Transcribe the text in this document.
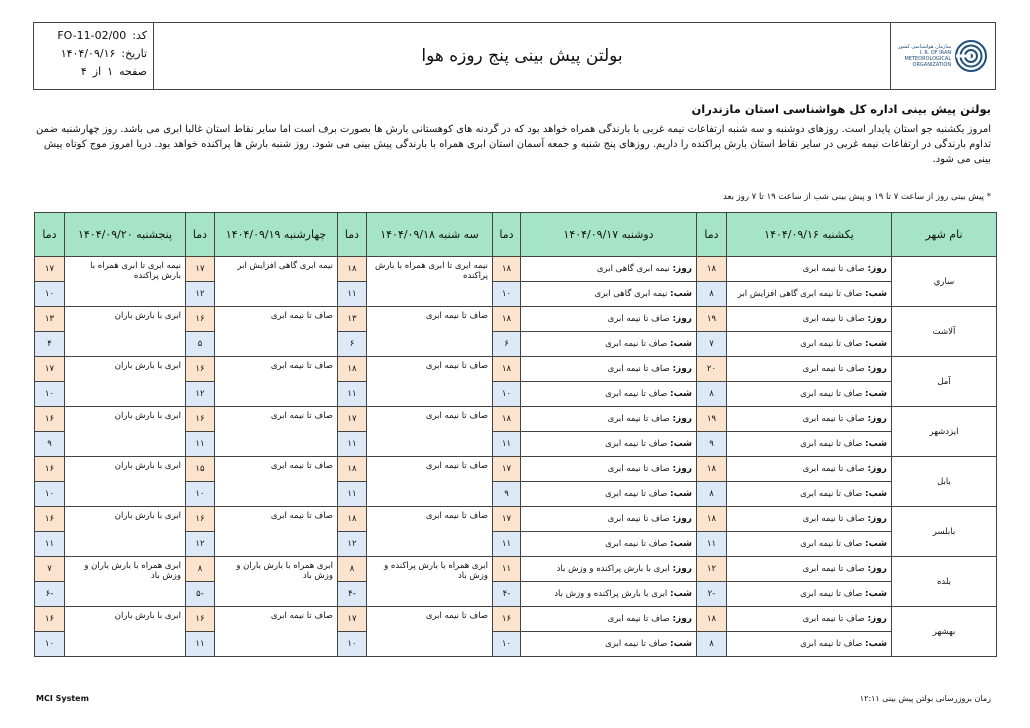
کد:
FO-11-02/00
تاریخ:
۱۴۰۴/۰۹/۱۶
صفحه
۱
از
۴
بولتن پیش بینی پنج روزه هوا	سازمان هواشناسی کشور
I. R. OF IRAN
METEOROLOGICAL
ORGANIZATION
بولتن پیش بینی اداره کل هواشناسی استان مازندران
امروز یکشنبه جو استان پایدار است. روزهای دوشنبه و سه شنبه ارتفاعات نیمه غربی با بارندگی همراه خواهد بود که در گردنه های کوهستانی بارش ها بصورت برف است اما سایر نقاط استان غالبا ابری می باشد. روز چهارشنبه ضمن تداوم بارندگی در ارتفاعات نیمه غربی در سایر نقاط استان بارش پراکنده را داریم. روزهای پنج شنبه و جمعه آسمان استان ابری همراه با بارندگی پیش بینی می شود. روز شنبه بارش ها پراکنده خواهد بود. دریا امروز موج کوتاه پیش بینی می شود.
* پیش بینی روز از ساعت ۷ تا ۱۹ و پیش بینی شب از ساعت ۱۹ تا ۷ روز بعد
نام شهر	یکشنبه ۱۴۰۴/۰۹/۱۶	دما	دوشنبه ۱۴۰۴/۰۹/۱۷	دما	سه شنبه ۱۴۰۴/۰۹/۱۸	دما	چهارشنبه ۱۴۰۴/۰۹/۱۹	دما	پنجشنبه ۱۴۰۴/۰۹/۲۰	دما
ساري	روز: صاف تا نیمه ابری	۱۸	روز: نیمه ابری گاهی ابری	۱۸	نیمه ابری تا ابری همراه با بارش پراکنده	۱۸	نیمه ابری گاهی افزایش ابر	۱۷	نیمه ابری تا ابری همراه با بارش پراکنده	۱۷
	شب: صاف تا نیمه ابری گاهی افزایش ابر	۸	شب: نیمه ابری گاهی ابری	۱۰		۱۱		۱۲		۱۰
آلاشت	روز: صاف تا نیمه ابری	۱۹	روز: صاف تا نیمه ابری	۱۸	صاف تا نیمه ابری	۱۳	صاف تا نیمه ابری	۱۶	ابری با بارش باران	۱۳
	شب: صاف تا نیمه ابری	۷	شب: صاف تا نیمه ابری	۶		۶		۵		۴
آمل	روز: صاف تا نیمه ابری	۲۰	روز: صاف تا نیمه ابری	۱۸	صاف تا نیمه ابری	۱۸	صاف تا نیمه ابری	۱۶	ابری با بارش باران	۱۷
	شب: صاف تا نیمه ابری	۸	شب: صاف تا نیمه ابری	۱۰		۱۱		۱۲		۱۰
ایزدشهر	روز: صاف تا نیمه ابری	۱۹	روز: صاف تا نیمه ابری	۱۸	صاف تا نیمه ابری	۱۷	صاف تا نیمه ابری	۱۶	ابری با بارش باران	۱۶
	شب: صاف تا نیمه ابری	۹	شب: صاف تا نیمه ابری	۱۱		۱۱		۱۱		۹
بابل	روز: صاف تا نیمه ابری	۱۸	روز: صاف تا نیمه ابری	۱۷	صاف تا نیمه ابری	۱۸	صاف تا نیمه ابری	۱۵	ابری با بارش باران	۱۶
	شب: صاف تا نیمه ابری	۸	شب: صاف تا نیمه ابری	۹		۱۱		۱۰		۱۰
بابلسر	روز: صاف تا نیمه ابری	۱۸	روز: صاف تا نیمه ابری	۱۷	صاف تا نیمه ابری	۱۸	صاف تا نیمه ابری	۱۶	ابری با بارش باران	۱۶
	شب: صاف تا نیمه ابری	۱۱	شب: صاف تا نیمه ابری	۱۱		۱۲		۱۲		۱۱
بلده	روز: صاف تا نیمه ابری	۱۲	روز: ابری با بارش پراکنده و وزش باد	۱۱	ابری همراه با بارش پراکنده و وزش باد	۸	ابری همراه با بارش باران و وزش باد	۸	ابری همراه با بارش باران و وزش باد	۷
	شب: صاف تا نیمه ابری	-۲	شب: ابری با بارش پراکنده و وزش باد	-۴		-۴		-۵		-۶
بهشهر	روز: صاف تا نیمه ابری	۱۸	روز: صاف تا نیمه ابری	۱۶	صاف تا نیمه ابری	۱۷	صاف تا نیمه ابری	۱۶	ابری با بارش باران	۱۶
	شب: صاف تا نیمه ابری	۸	شب: صاف تا نیمه ابری	۱۰		۱۰		۱۱		۱۰
MCI System	زمان بروزرسانی بولتن پیش بینی ۱۲:۱۱
